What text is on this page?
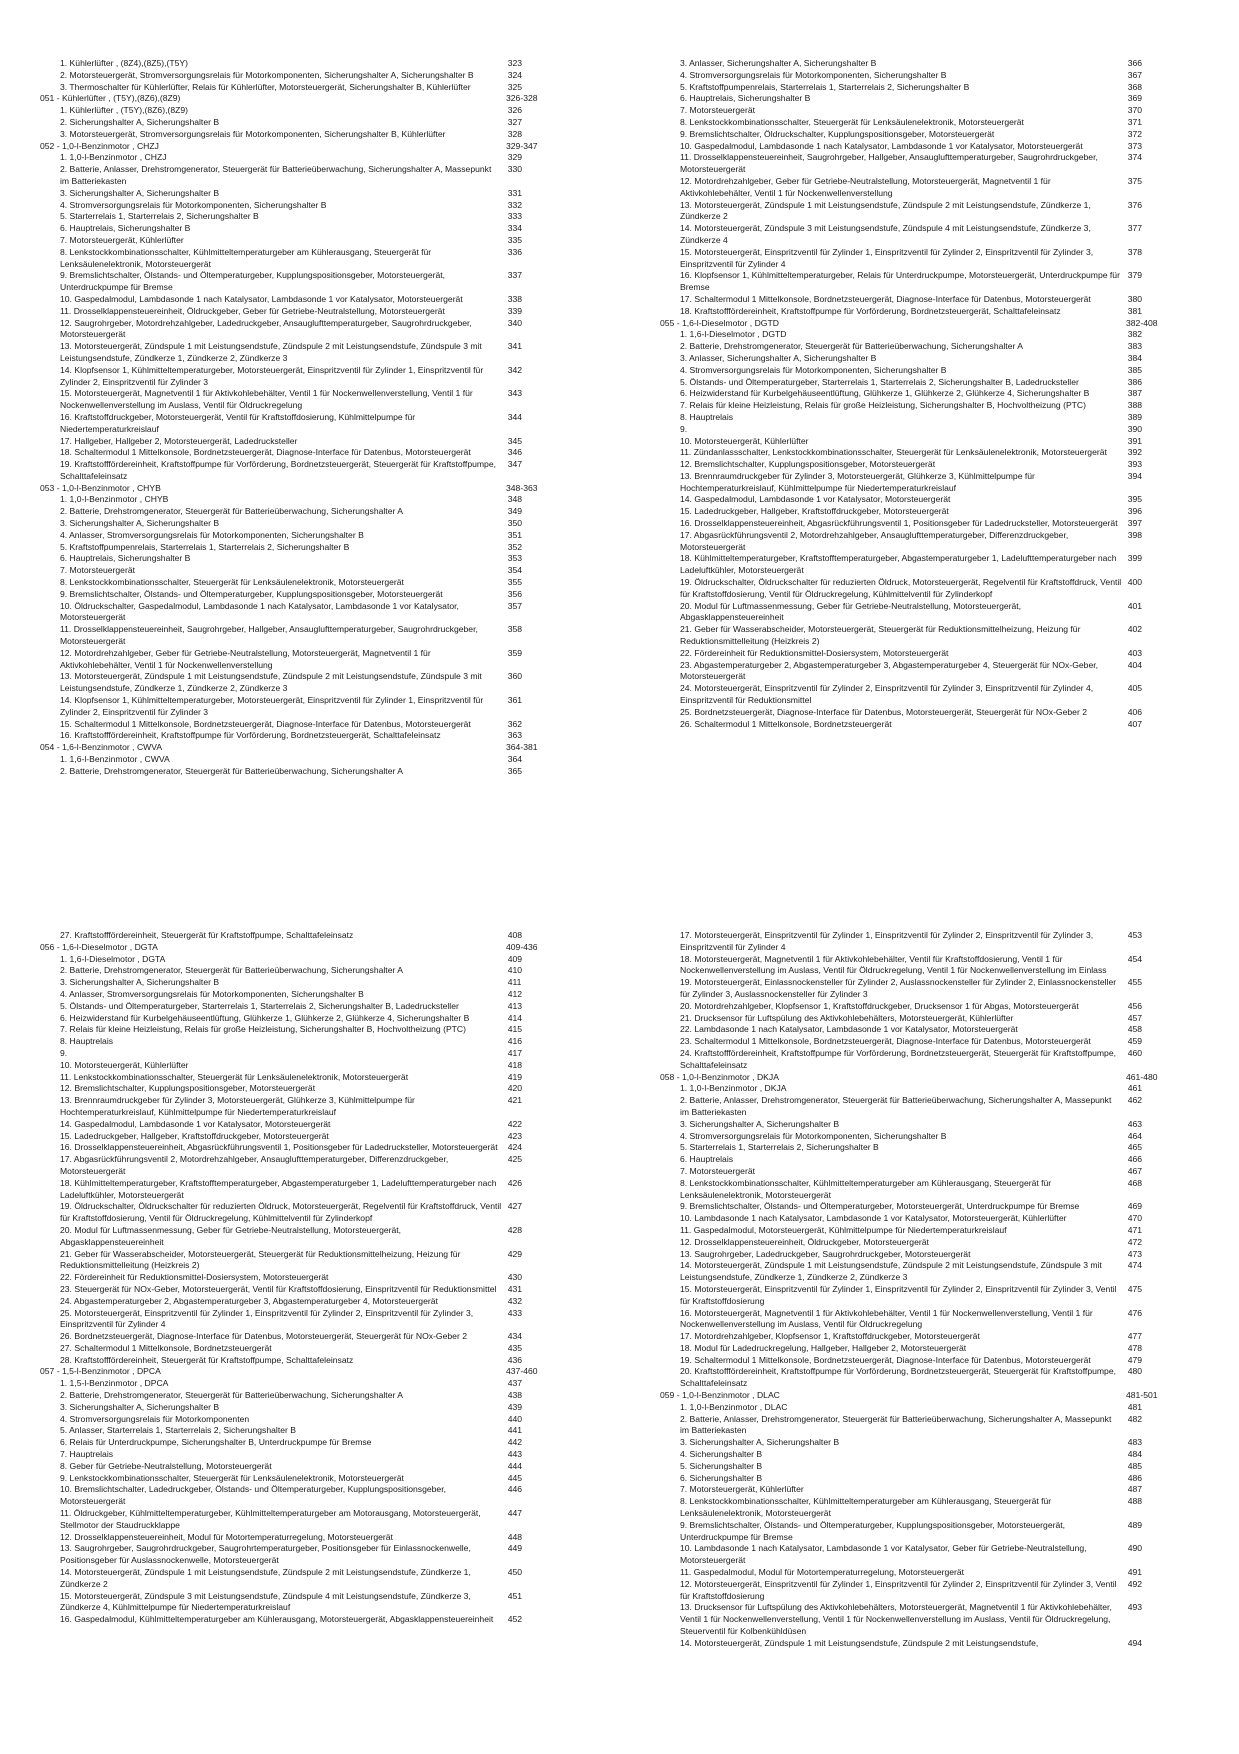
1. Kühlerlüfter , (8Z4),(8Z5),(T5Y)	323
2. Motorsteuergerät, Stromversorgungsrelais für Motorkomponenten, Sicherungshalter A, Sicherungshalter B	324
3. Thermoschalter für Kühlerlüfter, Relais für Kühlerlüfter, Motorsteuergerät, Sicherungshalter B, Kühlerlüfter	325
051 - Kühlerlüfter , (T5Y),(8Z6),(8Z9)	326-328
1. Kühlerlüfter , (T5Y),(8Z6),(8Z9)	326
2. Sicherungshalter A, Sicherungshalter B	327
3. Motorsteuergerät, Stromversorgungsrelais für Motorkomponenten, Sicherungshalter B, Kühlerlüfter	328
052 - 1,0-l-Benzinmotor , CHZJ	329-347
1. 1,0-l-Benzinmotor , CHZJ	329
2. Batterie, Anlasser, Drehstromgenerator, Steuergerät für Batterieüberwachung, Sicherungshalter A, Massepunkt im Batteriekasten
330
3. Sicherungshalter A, Sicherungshalter B	331
4. Stromversorgungsrelais für Motorkomponenten, Sicherungshalter B	332
5. Starterrelais 1, Starterrelais 2, Sicherungshalter B	333
6. Hauptrelais, Sicherungshalter B	334
7. Motorsteuergerät, Kühlerlüfter	335
8. Lenkstockkombinationsschalter, Kühlmitteltemperaturgeber am Kühlerausgang, Steuergerät für Lenksäulenelektronik, Motorsteuergerät
336
9. Bremslichtschalter, Ölstands- und Öltemperaturgeber, Kupplungspositionsgeber, Motorsteuergerät, Unterdruckpumpe für Bremse
337
10. Gaspedalmodul, Lambdasonde 1 nach Katalysator, Lambdasonde 1 vor Katalysator, Motorsteuergerät	338
11. Drosselklappensteuereinheit, Öldruckgeber, Geber für Getriebe-Neutralstellung, Motorsteuergerät	339
12. Saugrohrgeber, Motordrehzahlgeber, Ladedruckgeber, Ansauglufttemperaturgeber, Saugrohrdruckgeber, Motorsteuergerät
340
13. Motorsteuergerät, Zündspule 1 mit Leistungsendstufe, Zündspule 2 mit Leistungsendstufe, Zündspule 3 mit Leistungsendstufe, Zündkerze 1, Zündkerze 2, Zündkerze 3
341
14. Klopfsensor 1, Kühlmitteltemperaturgeber, Motorsteuergerät, Einspritzventil für Zylinder 1, Einspritzventil für Zylinder 2, Einspritzventil für Zylinder 3
342
15. Motorsteuergerät, Magnetventil 1 für Aktivkohlebehälter, Ventil 1 für Nockenwellenverstellung, Ventil 1 für Nockenwellenverstellung im Auslass, Ventil für Öldruckregelung
343
16. Kraftstoffdruckgeber, Motorsteuergerät, Ventil für Kraftstoffdosierung, Kühlmittelpumpe für Niedertemperaturkreislauf
344
17. Hallgeber, Hallgeber 2, Motorsteuergerät, Ladedrucksteller	345
18. Schaltermodul 1 Mittelkonsole, Bordnetzsteuergerät, Diagnose-Interface für Datenbus, Motorsteuergerät	346
19. Kraftstofffördereinheit, Kraftstoffpumpe für Vorförderung, Bordnetzsteuergerät, Steuergerät für Kraftstoffpumpe, Schalttafeleinsatz
347
053 - 1,0-l-Benzinmotor , CHYB	348-363
1. 1,0-l-Benzinmotor , CHYB	348
2. Batterie, Drehstromgenerator, Steuergerät für Batterieüberwachung, Sicherungshalter A	349
3. Sicherungshalter A, Sicherungshalter B	350
4. Anlasser, Stromversorgungsrelais für Motorkomponenten, Sicherungshalter B	351
5. Kraftstoffpumpenrelais, Starterrelais 1, Starterrelais 2, Sicherungshalter B	352
6. Hauptrelais, Sicherungshalter B	353
7. Motorsteuergerät	354
8. Lenkstockkombinationsschalter, Steuergerät für Lenksäulenelektronik, Motorsteuergerät	355
9. Bremslichtschalter, Ölstands- und Öltemperaturgeber, Kupplungspositionsgeber, Motorsteuergerät	356
10. Öldruckschalter, Gaspedalmodul, Lambdasonde 1 nach Katalysator, Lambdasonde 1 vor Katalysator, Motorsteuergerät
357
11. Drosselklappensteuereinheit, Saugrohrgeber, Hallgeber, Ansauglufttemperaturgeber, Saugrohrdruckgeber, Motorsteuergerät
358
12. Motordrehzahlgeber, Geber für Getriebe-Neutralstellung, Motorsteuergerät, Magnetventil 1 für Aktivkohlebehälter, Ventil 1 für Nockenwellenverstellung
359
13. Motorsteuergerät, Zündspule 1 mit Leistungsendstufe, Zündspule 2 mit Leistungsendstufe, Zündspule 3 mit Leistungsendstufe, Zündkerze 1, Zündkerze 2, Zündkerze 3
360
14. Klopfsensor 1, Kühlmitteltemperaturgeber, Motorsteuergerät, Einspritzventil für Zylinder 1, Einspritzventil für Zylinder 2, Einspritzventil für Zylinder 3
361
15. Schaltermodul 1 Mittelkonsole, Bordnetzsteuergerät, Diagnose-Interface für Datenbus, Motorsteuergerät	362
16. Kraftstofffördereinheit, Kraftstoffpumpe für Vorförderung, Bordnetzsteuergerät, Schalttafeleinsatz	363
054 - 1,6-l-Benzinmotor , CWVA	364-381
1. 1,6-l-Benzinmotor , CWVA	364
2. Batterie, Drehstromgenerator, Steuergerät für Batterieüberwachung, Sicherungshalter A	365
3. Anlasser, Sicherungshalter A, Sicherungshalter B	366
4. Stromversorgungsrelais für Motorkomponenten, Sicherungshalter B	367
5. Kraftstoffpumpenrelais, Starterrelais 1, Starterrelais 2, Sicherungshalter B	368
6. Hauptrelais, Sicherungshalter B	369
7. Motorsteuergerät	370
8. Lenkstockkombinationsschalter, Steuergerät für Lenksäulenelektronik, Motorsteuergerät	371
9. Bremslichtschalter, Öldruckschalter, Kupplungspositionsgeber, Motorsteuergerät	372
10. Gaspedalmodul, Lambdasonde 1 nach Katalysator, Lambdasonde 1 vor Katalysator, Motorsteuergerät	373
11. Drosselklappensteuereinheit, Saugrohrgeber, Hallgeber, Ansauglufttemperaturgeber, Saugrohrdruckgeber, Motorsteuergerät
374
12. Motordrehzahlgeber, Geber für Getriebe-Neutralstellung, Motorsteuergerät, Magnetventil 1 für Aktivkohlebehälter, Ventil 1 für Nockenwellenverstellung
375
13. Motorsteuergerät, Zündspule 1 mit Leistungsendstufe, Zündspule 2 mit Leistungsendstufe, Zündkerze 1, Zündkerze 2
376
14. Motorsteuergerät, Zündspule 3 mit Leistungsendstufe, Zündspule 4 mit Leistungsendstufe, Zündkerze 3, Zündkerze 4
377
15. Motorsteuergerät, Einspritzventil für Zylinder 1, Einspritzventil für Zylinder 2, Einspritzventil für Zylinder 3, Einspritzventil für Zylinder 4
378
16. Klopfsensor 1, Kühlmitteltemperaturgeber, Relais für Unterdruckpumpe, Motorsteuergerät, Unterdruckpumpe für Bremse
379
17. Schaltermodul 1 Mittelkonsole, Bordnetzsteuergerät, Diagnose-Interface für Datenbus, Motorsteuergerät	380
18. Kraftstofffördereinheit, Kraftstoffpumpe für Vorförderung, Bordnetzsteuergerät, Schalttafeleinsatz	381
055 - 1,6-l-Dieselmotor , DGTD	382-408
1. 1,6-l-Dieselmotor , DGTD	382
2. Batterie, Drehstromgenerator, Steuergerät für Batterieüberwachung, Sicherungshalter A	383
3. Anlasser, Sicherungshalter A, Sicherungshalter B	384
4. Stromversorgungsrelais für Motorkomponenten, Sicherungshalter B	385
5. Ölstands- und Öltemperaturgeber, Starterrelais 1, Starterrelais 2, Sicherungshalter B, Ladedrucksteller	386
6. Heizwiderstand für Kurbelgehäuseentlüftung, Glühkerze 1, Glühkerze 2, Glühkerze 4, Sicherungshalter B	387
7. Relais für kleine Heizleistung, Relais für große Heizleistung, Sicherungshalter B, Hochvoltheizung (PTC)	388
8. Hauptrelais	389
9.	390
10. Motorsteuergerät, Kühlerlüfter	391
11. Zündanlassschalter, Lenkstockkombinationsschalter, Steuergerät für Lenksäulenelektronik, Motorsteuergerät	392
12. Bremslichtschalter, Kupplungspositionsgeber, Motorsteuergerät	393
13. Brennraumdruckgeber für Zylinder 3, Motorsteuergerät, Glühkerze 3, Kühlmittelpumpe für Hochtemperaturkreislauf, Kühlmittelpumpe für Niedertemperaturkreislauf
394
14. Gaspedalmodul, Lambdasonde 1 vor Katalysator, Motorsteuergerät	395
15. Ladedruckgeber, Hallgeber, Kraftstoffdruckgeber, Motorsteuergerät	396
16. Drosselklappensteuereinheit, Abgasrückführungsventil 1, Positionsgeber für Ladedrucksteller, Motorsteuergerät	397
17. Abgasrückführungsventil 2, Motordrehzahlgeber, Ansauglufttemperaturgeber, Differenzdruckgeber, Motorsteuergerät
398
18. Kühlmitteltemperaturgeber, Kraftstofftemperaturgeber, Abgastemperaturgeber 1, Ladelufttemperaturgeber nach Ladeluftkühler, Motorsteuergerät
399
19. Öldruckschalter, Öldruckschalter für reduzierten Öldruck, Motorsteuergerät, Regelventil für Kraftstoffdruck, Ventil für Kraftstoffdosierung, Ventil für Öldruckregelung, Kühlmittelventil für Zylinderkopf
400
20. Modul für Luftmassenmessung, Geber für Getriebe-Neutralstellung, Motorsteuergerät, Abgasklappensteuereinheit
401
21. Geber für Wasserabscheider, Motorsteuergerät, Steuergerät für Reduktionsmittelheizung, Heizung für Reduktionsmittelleitung (Heizkreis 2)
402
22. Fördereinheit für Reduktionsmittel-Dosiersystem, Motorsteuergerät	403
23. Abgastemperaturgeber 2, Abgastemperaturgeber 3, Abgastemperaturgeber 4, Steuergerät für NOx-Geber, Motorsteuergerät
404
24. Motorsteuergerät, Einspritzventil für Zylinder 2, Einspritzventil für Zylinder 3, Einspritzventil für Zylinder 4, Einspritzventil für Reduktionsmittel
405
25. Bordnetzsteuergerät, Diagnose-Interface für Datenbus, Motorsteuergerät, Steuergerät für NOx-Geber 2	406
26. Schaltermodul 1 Mittelkonsole, Bordnetzsteuergerät	407
27. Kraftstofffördereinheit, Steuergerät für Kraftstoffpumpe, Schalttafeleinsatz	408
056 - 1,6-l-Dieselmotor , DGTA	409-436
1. 1,6-l-Dieselmotor , DGTA	409
2. Batterie, Drehstromgenerator, Steuergerät für Batterieüberwachung, Sicherungshalter A	410
3. Sicherungshalter A, Sicherungshalter B	411
4. Anlasser, Stromversorgungsrelais für Motorkomponenten, Sicherungshalter B	412
5. Ölstands- und Öltemperaturgeber, Starterrelais 1, Starterrelais 2, Sicherungshalter B, Ladedrucksteller	413
6. Heizwiderstand für Kurbelgehäuseentlüftung, Glühkerze 1, Glühkerze 2, Glühkerze 4, Sicherungshalter B	414
7. Relais für kleine Heizleistung, Relais für große Heizleistung, Sicherungshalter B, Hochvoltheizung (PTC)	415
8. Hauptrelais	416
9.	417
10. Motorsteuergerät, Kühlerlüfter	418
11. Lenkstockkombinationsschalter, Steuergerät für Lenksäulenelektronik, Motorsteuergerät	419
12. Bremslichtschalter, Kupplungspositionsgeber, Motorsteuergerät	420
13. Brennraumdruckgeber für Zylinder 3, Motorsteuergerät, Glühkerze 3, Kühlmittelpumpe für Hochtemperaturkreislauf, Kühlmittelpumpe für Niedertemperaturkreislauf
421
14. Gaspedalmodul, Lambdasonde 1 vor Katalysator, Motorsteuergerät	422
15. Ladedruckgeber, Hallgeber, Kraftstoffdruckgeber, Motorsteuergerät	423
16. Drosselklappensteuereinheit, Abgasrückführungsventil 1, Positionsgeber für Ladedrucksteller, Motorsteuergerät	424
17. Abgasrückführungsventil 2, Motordrehzahlgeber, Ansauglufttemperaturgeber, Differenzdruckgeber, Motorsteuergerät
425
18. Kühlmitteltemperaturgeber, Kraftstofftemperaturgeber, Abgastemperaturgeber 1, Ladelufttemperaturgeber nach Ladeluftkühler, Motorsteuergerät
426
19. Öldruckschalter, Öldruckschalter für reduzierten Öldruck, Motorsteuergerät, Regelventil für Kraftstoffdruck, Ventil für Kraftstoffdosierung, Ventil für Öldruckregelung, Kühlmittelventil für Zylinderkopf
427
20. Modul für Luftmassenmessung, Geber für Getriebe-Neutralstellung, Motorsteuergerät, Abgasklappensteuereinheit
428
21. Geber für Wasserabscheider, Motorsteuergerät, Steuergerät für Reduktionsmittelheizung, Heizung für Reduktionsmittelleitung (Heizkreis 2)
429
22. Fördereinheit für Reduktionsmittel-Dosiersystem, Motorsteuergerät	430
23. Steuergerät für NOx-Geber, Motorsteuergerät, Ventil für Kraftstoffdosierung, Einspritzventil für Reduktionsmittel	431
24. Abgastemperaturgeber 2, Abgastemperaturgeber 3, Abgastemperaturgeber 4, Motorsteuergerät	432
25. Motorsteuergerät, Einspritzventil für Zylinder 1, Einspritzventil für Zylinder 2, Einspritzventil für Zylinder 3, Einspritzventil für Zylinder 4
433
26. Bordnetzsteuergerät, Diagnose-Interface für Datenbus, Motorsteuergerät, Steuergerät für NOx-Geber 2	434
27. Schaltermodul 1 Mittelkonsole, Bordnetzsteuergerät	435
28. Kraftstofffördereinheit, Steuergerät für Kraftstoffpumpe, Schalttafeleinsatz	436
057 - 1,5-l-Benzinmotor , DPCA	437-460
1. 1,5-l-Benzinmotor , DPCA	437
2. Batterie, Drehstromgenerator, Steuergerät für Batterieüberwachung, Sicherungshalter A	438
3. Sicherungshalter A, Sicherungshalter B	439
4. Stromversorgungsrelais für Motorkomponenten	440
5. Anlasser, Starterrelais 1, Starterrelais 2, Sicherungshalter B	441
6. Relais für Unterdruckpumpe, Sicherungshalter B, Unterdruckpumpe für Bremse	442
7. Hauptrelais	443
8. Geber für Getriebe-Neutralstellung, Motorsteuergerät	444
9. Lenkstockkombinationsschalter, Steuergerät für Lenksäulenelektronik, Motorsteuergerät	445
10. Bremslichtschalter, Ladedruckgeber, Ölstands- und Öltemperaturgeber, Kupplungspositionsgeber, Motorsteuergerät
446
11. Öldruckgeber, Kühlmitteltemperaturgeber, Kühlmitteltemperaturgeber am Motorausgang, Motorsteuergerät, Stellmotor der Staudruckklappe
447
12. Drosselklappensteuereinheit, Modul für Motortemperaturregelung, Motorsteuergerät	448
13. Saugrohrgeber, Saugrohrdruckgeber, Saugrohrtemperaturgeber, Positionsgeber für Einlassnockenwelle, Positionsgeber für Auslassnockenwelle, Motorsteuergerät
449
14. Motorsteuergerät, Zündspule 1 mit Leistungsendstufe, Zündspule 2 mit Leistungsendstufe, Zündkerze 1, Zündkerze 2
450
15. Motorsteuergerät, Zündspule 3 mit Leistungsendstufe, Zündspule 4 mit Leistungsendstufe, Zündkerze 3, Zündkerze 4, Kühlmittelpumpe für Niedertemperaturkreislauf
451
16. Gaspedalmodul, Kühlmitteltemperaturgeber am Kühlerausgang, Motorsteuergerät, Abgasklappensteuereinheit	452
17. Motorsteuergerät, Einspritzventil für Zylinder 1, Einspritzventil für Zylinder 2, Einspritzventil für Zylinder 3, Einspritzventil für Zylinder 4
453
18. Motorsteuergerät, Magnetventil 1 für Aktivkohlebehälter, Ventil für Kraftstoffdosierung, Ventil 1 für Nockenwellenverstellung im Auslass, Ventil für Öldruckregelung, Ventil 1 für Nockenwellenverstellung im Einlass
454
19. Motorsteuergerät, Einlassnockensteller für Zylinder 2, Auslassnockensteller für Zylinder 2, Einlassnockensteller für Zylinder 3, Auslassnockensteller für Zylinder 3
455
20. Motordrehzahlgeber, Klopfsensor 1, Kraftstoffdruckgeber, Drucksensor 1 für Abgas, Motorsteuergerät	456
21. Drucksensor für Luftspülung des Aktivkohlebehälters, Motorsteuergerät, Kühlerlüfter	457
22. Lambdasonde 1 nach Katalysator, Lambdasonde 1 vor Katalysator, Motorsteuergerät	458
23. Schaltermodul 1 Mittelkonsole, Bordnetzsteuergerät, Diagnose-Interface für Datenbus, Motorsteuergerät	459
24. Kraftstofffördereinheit, Kraftstoffpumpe für Vorförderung, Bordnetzsteuergerät, Steuergerät für Kraftstoffpumpe, Schalttafeleinsatz
460
058 - 1,0-l-Benzinmotor , DKJA	461-480
1. 1,0-l-Benzinmotor , DKJA	461
2. Batterie, Anlasser, Drehstromgenerator, Steuergerät für Batterieüberwachung, Sicherungshalter A, Massepunkt im Batteriekasten
462
3. Sicherungshalter A, Sicherungshalter B	463
4. Stromversorgungsrelais für Motorkomponenten, Sicherungshalter B	464
5. Starterrelais 1, Starterrelais 2, Sicherungshalter B	465
6. Hauptrelais	466
7. Motorsteuergerät	467
8. Lenkstockkombinationsschalter, Kühlmitteltemperaturgeber am Kühlerausgang, Steuergerät für Lenksäulenelektronik, Motorsteuergerät
468
9. Bremslichtschalter, Ölstands- und Öltemperaturgeber, Motorsteuergerät, Unterdruckpumpe für Bremse	469
10. Lambdasonde 1 nach Katalysator, Lambdasonde 1 vor Katalysator, Motorsteuergerät, Kühlerlüfter	470
11. Gaspedalmodul, Motorsteuergerät, Kühlmittelpumpe für Niedertemperaturkreislauf	471
12. Drosselklappensteuereinheit, Öldruckgeber, Motorsteuergerät	472
13. Saugrohrgeber, Ladedruckgeber, Saugrohrdruckgeber, Motorsteuergerät	473
14. Motorsteuergerät, Zündspule 1 mit Leistungsendstufe, Zündspule 2 mit Leistungsendstufe, Zündspule 3 mit Leistungsendstufe, Zündkerze 1, Zündkerze 2, Zündkerze 3
474
15. Motorsteuergerät, Einspritzventil für Zylinder 1, Einspritzventil für Zylinder 2, Einspritzventil für Zylinder 3, Ventil für Kraftstoffdosierung
475
16. Motorsteuergerät, Magnetventil 1 für Aktivkohlebehälter, Ventil 1 für Nockenwellenverstellung, Ventil 1 für Nockenwellenverstellung im Auslass, Ventil für Öldruckregelung
476
17. Motordrehzahlgeber, Klopfsensor 1, Kraftstoffdruckgeber, Motorsteuergerät	477
18. Modul für Ladedruckregelung, Hallgeber, Hallgeber 2, Motorsteuergerät	478
19. Schaltermodul 1 Mittelkonsole, Bordnetzsteuergerät, Diagnose-Interface für Datenbus, Motorsteuergerät	479
20. Kraftstofffördereinheit, Kraftstoffpumpe für Vorförderung, Bordnetzsteuergerät, Steuergerät für Kraftstoffpumpe, Schalttafeleinsatz
480
059 - 1,0-l-Benzinmotor , DLAC	481-501
1. 1,0-l-Benzinmotor , DLAC	481
2. Batterie, Anlasser, Drehstromgenerator, Steuergerät für Batterieüberwachung, Sicherungshalter A, Massepunkt im Batteriekasten
482
3. Sicherungshalter A, Sicherungshalter B	483
4. Sicherungshalter B	484
5. Sicherungshalter B	485
6. Sicherungshalter B	486
7. Motorsteuergerät, Kühlerlüfter	487
8. Lenkstockkombinationsschalter, Kühlmitteltemperaturgeber am Kühlerausgang, Steuergerät für Lenksäulenelektronik, Motorsteuergerät
488
9. Bremslichtschalter, Ölstands- und Öltemperaturgeber, Kupplungspositionsgeber, Motorsteuergerät, Unterdruckpumpe für Bremse
489
10. Lambdasonde 1 nach Katalysator, Lambdasonde 1 vor Katalysator, Geber für Getriebe-Neutralstellung, Motorsteuergerät
490
11. Gaspedalmodul, Modul für Motortemperaturregelung, Motorsteuergerät	491
12. Motorsteuergerät, Einspritzventil für Zylinder 1, Einspritzventil für Zylinder 2, Einspritzventil für Zylinder 3, Ventil für Kraftstoffdosierung
492
13. Drucksensor für Luftspülung des Aktivkohlebehälters, Motorsteuergerät, Magnetventil 1 für Aktivkohlebehälter, Ventil 1 für Nockenwellenverstellung, Ventil 1 für Nockenwellenverstellung im Auslass, Ventil für Öldruckregelung, Steuerventil für Kolbenkühldüsen
493
14. Motorsteuergerät, Zündspule 1 mit Leistungsendstufe, Zündspule 2 mit Leistungsendstufe,	494
